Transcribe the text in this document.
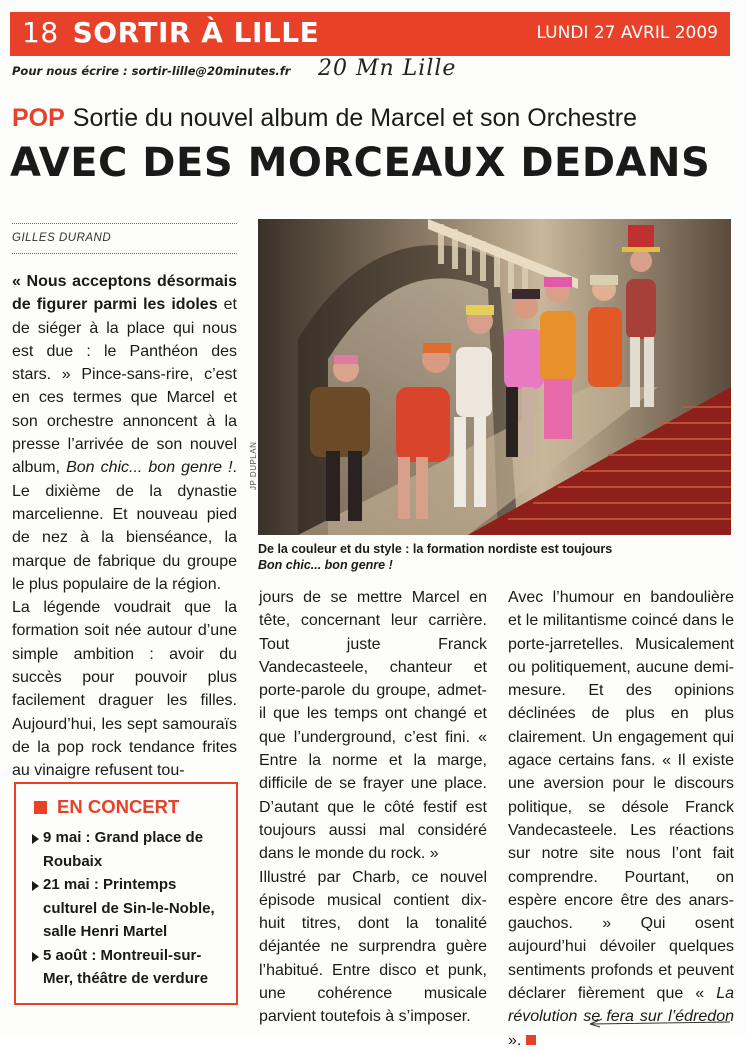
18 SORTIR À LILLE	LUNDI 27 AVRIL 2009
Pour nous écrire : sortir-lille@20minutes.fr 20 Mn Lille
POP Sortie du nouvel album de Marcel et son Orchestre
AVEC DES MORCEAUX DEDANS
GILLES DURAND

« Nous acceptons désormais de figurer parmi les idoles et de siéger à la place qui nous est due : le Panthéon des stars. » Pince-sans-rire, c’est en ces termes que Marcel et son orchestre annoncent à la presse l’arrivée de son nouvel album, Bon chic... bon genre !. Le dixième de la dynastie marcelienne. Et nouveau pied de nez à la bienséance, la marque de fabrique du groupe le plus populaire de la région.

La légende voudrait que la formation soit née autour d’une simple ambition : avoir du succès pour pouvoir plus facilement draguer les filles. Aujourd’hui, les sept samouraïs de la pop rock tendance frites au vinaigre refusent tou-

JP DUPLAN
De la couleur et du style : la formation nordiste est toujours
Bon chic... bon genre !

jours de se mettre Marcel en tête, concernant leur carrière. Tout juste Franck Vandecasteele, chanteur et porte-parole du groupe, admet-il que les temps ont changé et que l’underground, c’est fini. « Entre la norme et la marge, difficile de se frayer une place. D’autant que le côté festif est toujours aussi mal considéré dans le monde du rock. »

Illustré par Charb, ce nouvel épisode musical contient dix-huit titres, dont la tonalité déjantée ne surprendra guère l’habitué. Entre disco et punk, une cohérence musicale parvient toutefois à s’imposer.

Avec l’humour en bandoulière et le militantisme coincé dans le porte-jarretelles. Musicalement ou politiquement, aucune demi-mesure. Et des opinions déclinées de plus en plus clairement. Un engagement qui agace certains fans. « Il existe une aversion pour le discours politique, se désole Franck Vandecasteele. Les réactions sur notre site nous l’ont fait comprendre. Pourtant, on espère encore être des anars-gauchos. » Qui osent aujourd’hui dévoiler quelques sentiments profonds et peuvent déclarer fièrement que « La révolution se fera sur l’édredon ».

EN CONCERT
9 mai : Grand place de Roubaix
21 mai : Printemps culturel de Sin-le-Noble, salle Henri Martel
5 août : Montreuil-sur-Mer, théâtre de verdure
